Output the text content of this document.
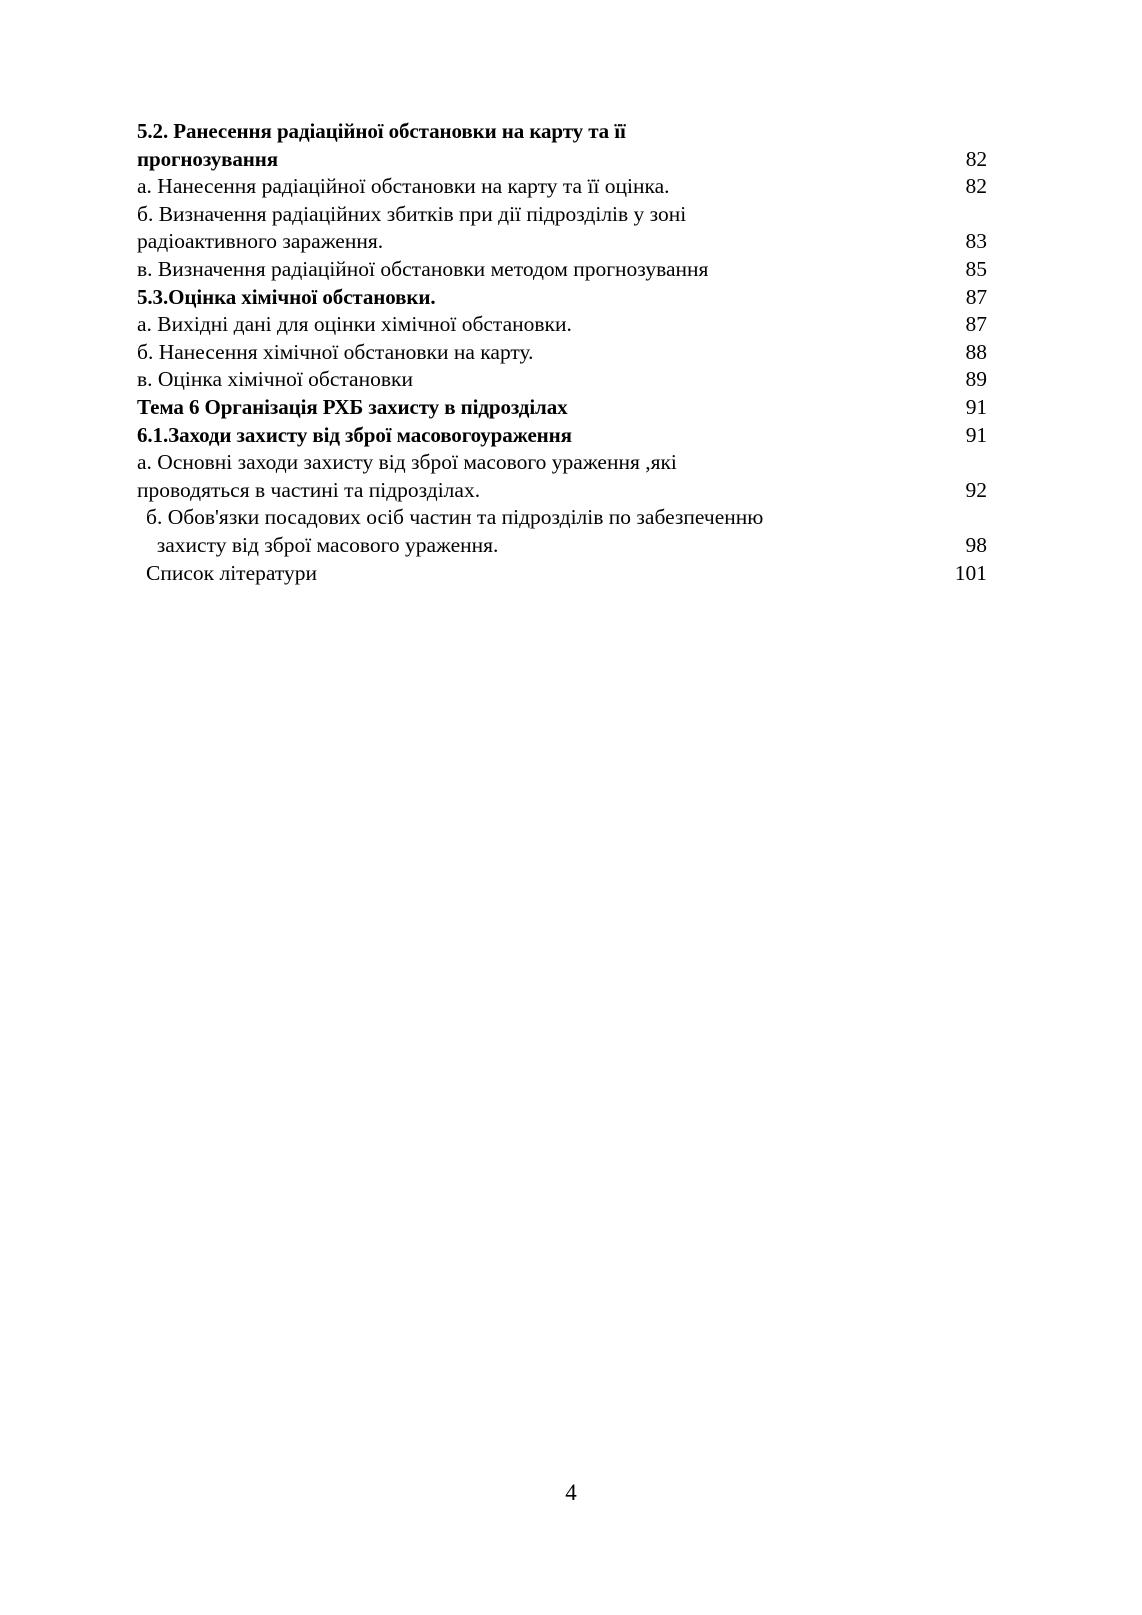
5.2. Ранесення радіаційної обстановки на карту та її
прогнозування	82
а. Нанесення радіаційної обстановки на карту та її оцінка.	82
б. Визначення радіаційних збитків при дії підрозділів у зоні
радіоактивного зараження.	83
в. Визначення радіаційної обстановки методом прогнозування	85
5.3.Оцінка хімічної обстановки.	87
а. Вихідні дані для оцінки хімічної обстановки.	87
б. Нанесення хімічної обстановки на карту.	88
в. Оцінка хімічної обстановки	89
Тема 6 Організація РХБ захисту в підрозділах	91
6.1.Заходи захисту від зброї масовогоураження	91
а. Основні заходи захисту від зброї масового ураження ,які
проводяться в частині та підрозділах.	92
б. Обов'язки посадових осіб частин та підрозділів по забезпеченню
захисту від зброї масового ураження.	98
Список літератури	101
4
